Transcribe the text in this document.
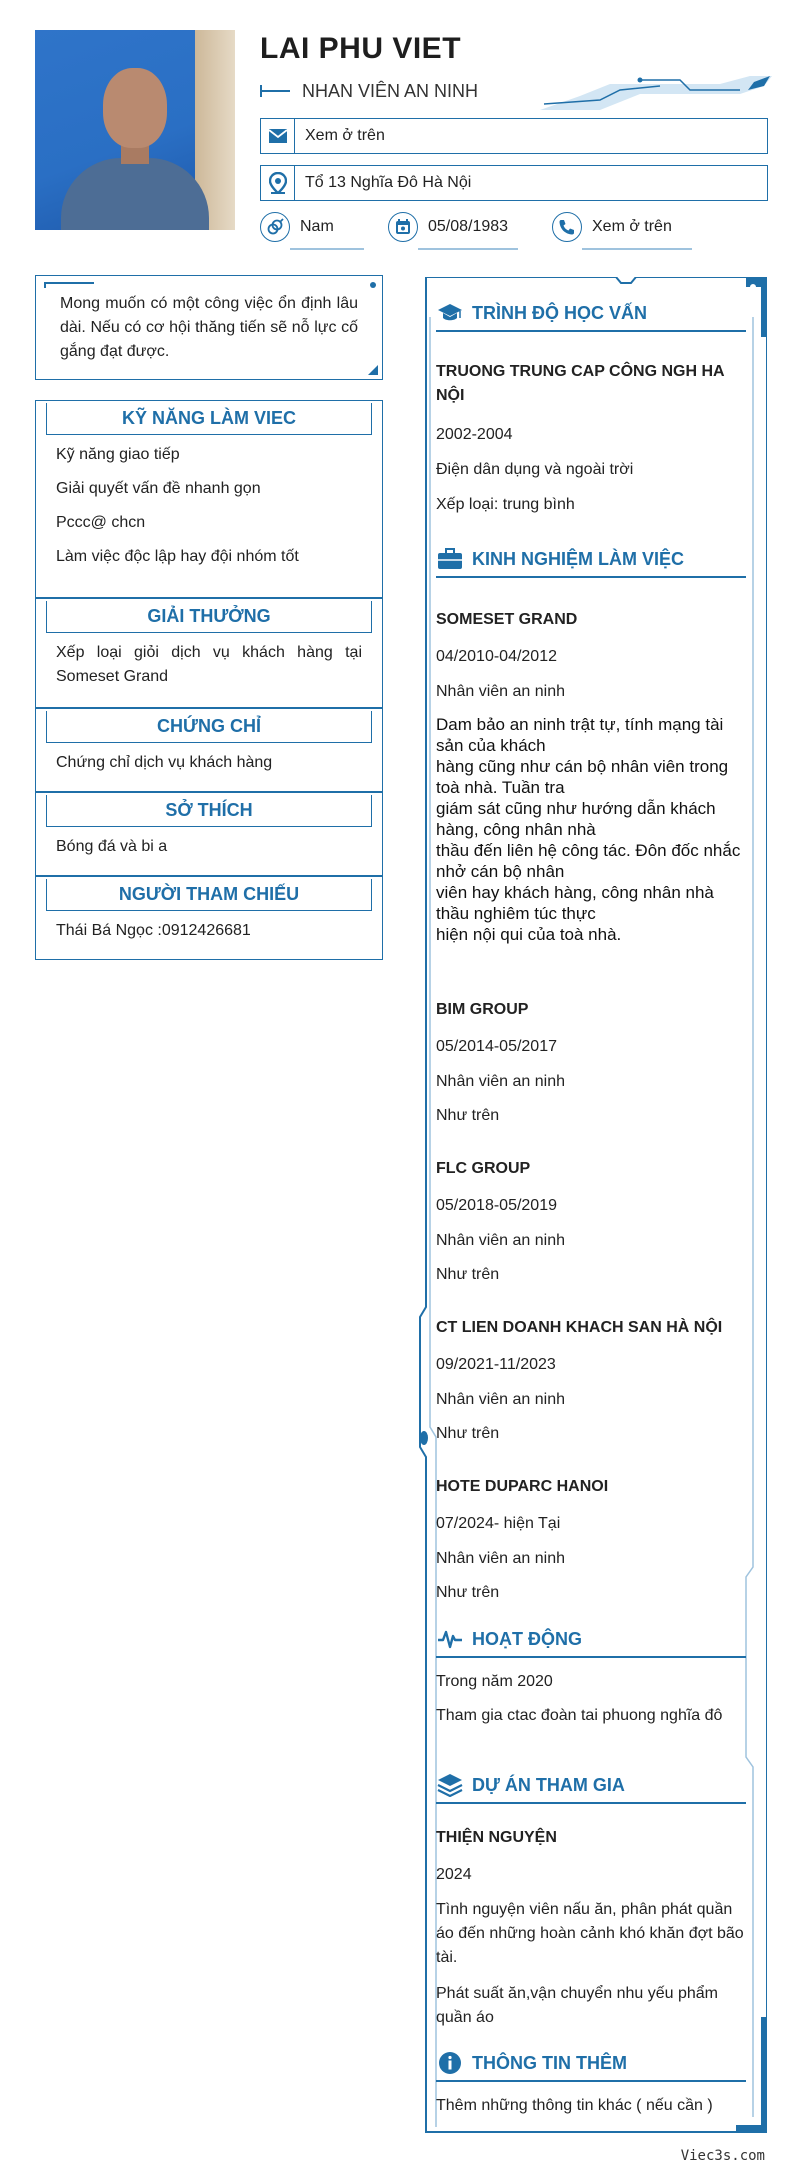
LAI PHU VIET
NHAN VIÊN AN NINH
Xem ở trên
Tổ 13 Nghĩa Đô Hà Nội
Nam	05/08/1983	Xem ở trên
Mong muốn có một công việc ổn định lâu dài. Nếu có cơ hội thăng tiến sẽ nỗ lực cố gắng đạt được.
KỸ NĂNG LÀM VIEC
Kỹ năng giao tiếp
Giải quyết vấn đề nhanh gọn
Pccc@ chcn
Làm việc độc lập hay đội nhóm tốt
GIẢI THƯỞNG
Xếp loại giỏi dịch vụ khách hàng tại Someset Grand
CHỨNG CHỈ
Chứng chỉ dịch vụ khách hàng
SỞ THÍCH
Bóng đá và bi a
NGƯỜI THAM CHIẾU
Thái Bá Ngọc :0912426681
TRÌNH ĐỘ HỌC VẤN
TRUONG TRUNG CAP CÔNG NGH HA NỘI
2002-2004
Điện dân dụng và ngoài trời
Xếp loại: trung bình
KINH NGHIỆM LÀM VIỆC
SOMESET GRAND
04/2010-04/2012
Nhân viên an ninh
Dam bảo an ninh trật tự, tính mạng tài sản của khách
hàng cũng như cán bộ nhân viên trong toà nhà. Tuần tra
giám sát cũng như hướng dẫn khách hàng, công nhân nhà
thầu đến liên hệ công tác. Đôn đốc nhắc nhở cán bộ nhân
viên hay khách hàng, công nhân nhà thầu nghiêm túc thực
hiện nội qui của toà nhà.
BIM GROUP
05/2014-05/2017
Nhân viên an ninh
Như trên
FLC GROUP
05/2018-05/2019
Nhân viên an ninh
Như trên
CT LIEN DOANH KHACH SAN HÀ NỘI
09/2021-11/2023
Nhân viên an ninh
Như trên
HOTE DUPARC HANOI
07/2024- hiện Tại
Nhân viên an ninh
Như trên
HOẠT ĐỘNG
Trong năm 2020
Tham gia ctac đoàn tai phuong nghĩa đô
DỰ ÁN THAM GIA
THIỆN NGUYỆN
2024
Tình nguyện viên nấu ăn, phân phát quần áo đến những hoàn cảnh khó khăn đợt bão tài.
Phát suất ăn,vận chuyển nhu yếu phẩm quần áo
THÔNG TIN THÊM
Thêm những thông tin khác ( nếu cần )
Viec3s.com
